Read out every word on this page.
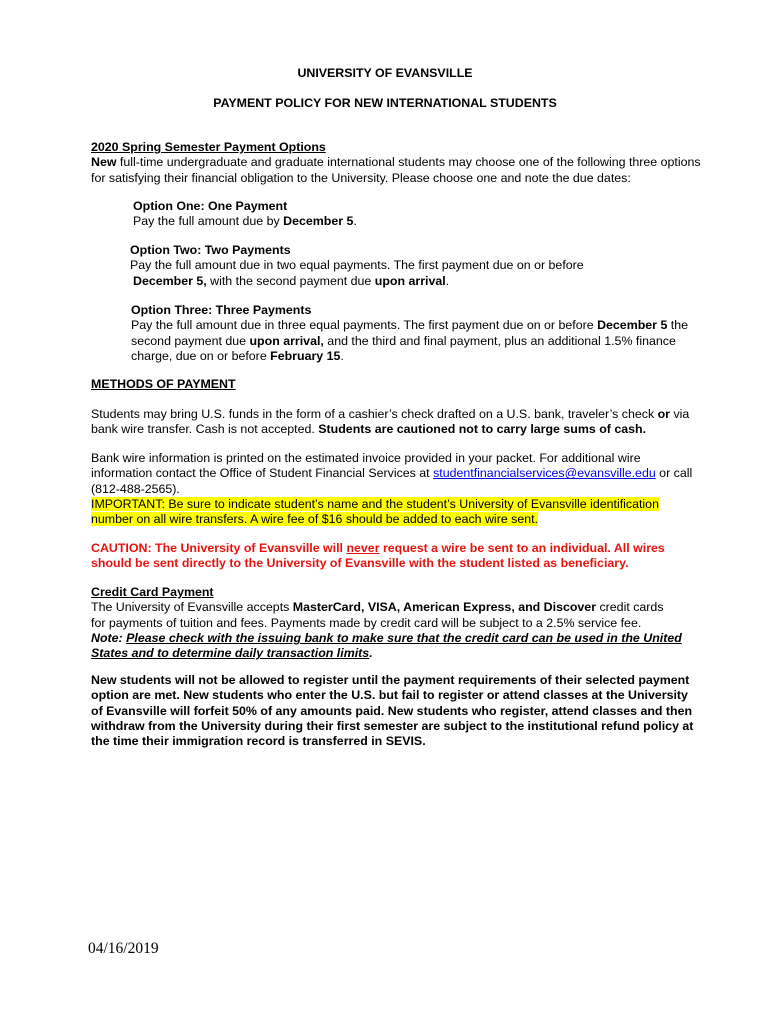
UNIVERSITY OF EVANSVILLE
PAYMENT POLICY FOR NEW INTERNATIONAL STUDENTS
2020 Spring Semester Payment Options
New full-time undergraduate and graduate international students may choose one of the following three options
for satisfying their financial obligation to the University. Please choose one and note the due dates:
Option One: One Payment
Pay the full amount due by December 5.
Option Two: Two Payments
Pay the full amount due in two equal payments. The first payment due on or before
December 5, with the second payment due upon arrival.
Option Three: Three Payments
Pay the full amount due in three equal payments. The first payment due on or before December 5 the
second payment due upon arrival, and the third and final payment, plus an additional 1.5% finance
charge, due on or before February 15.
METHODS OF PAYMENT
Students may bring U.S. funds in the form of a cashier’s check drafted on a U.S. bank, traveler’s check or via
bank wire transfer. Cash is not accepted. Students are cautioned not to carry large sums of cash.
Bank wire information is printed on the estimated invoice provided in your packet. For additional wire
information contact the Office of Student Financial Services at studentfinancialservices@evansville.edu or call
(812-488-2565).
IMPORTANT: Be sure to indicate student’s name and the student’s University of Evansville identification
number on all wire transfers. A wire fee of $16 should be added to each wire sent.
CAUTION: The University of Evansville will never request a wire be sent to an individual. All wires
should be sent directly to the University of Evansville with the student listed as beneficiary.
Credit Card Payment
The University of Evansville accepts MasterCard, VISA, American Express, and Discover credit cards
for payments of tuition and fees. Payments made by credit card will be subject to a 2.5% service fee.
Note: Please check with the issuing bank to make sure that the credit card can be used in the United
States and to determine daily transaction limits.
New students will not be allowed to register until the payment requirements of their selected payment
option are met. New students who enter the U.S. but fail to register or attend classes at the University
of Evansville will forfeit 50% of any amounts paid. New students who register, attend classes and then
withdraw from the University during their first semester are subject to the institutional refund policy at
the time their immigration record is transferred in SEVIS.
04/16/2019
